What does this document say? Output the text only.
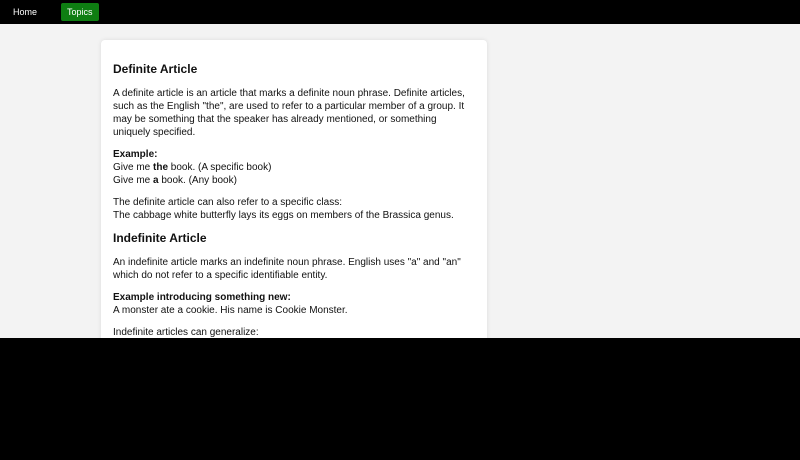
Home	Topics
Definite Article

A definite article is an article that marks a definite noun phrase. Definite articles, such as the English "the", are used to refer to a particular member of a group. It may be something that the speaker has already mentioned, or something uniquely specified.

Example:
Give me the book. (A specific book)
Give me a book. (Any book)

The definite article can also refer to a specific class:
The cabbage white butterfly lays its eggs on members of the Brassica genus.

Indefinite Article

An indefinite article marks an indefinite noun phrase. English uses "a" and "an" which do not refer to a specific identifiable entity.

Example introducing something new:
A monster ate a cookie. His name is Cookie Monster.

Indefinite articles can generalize:
